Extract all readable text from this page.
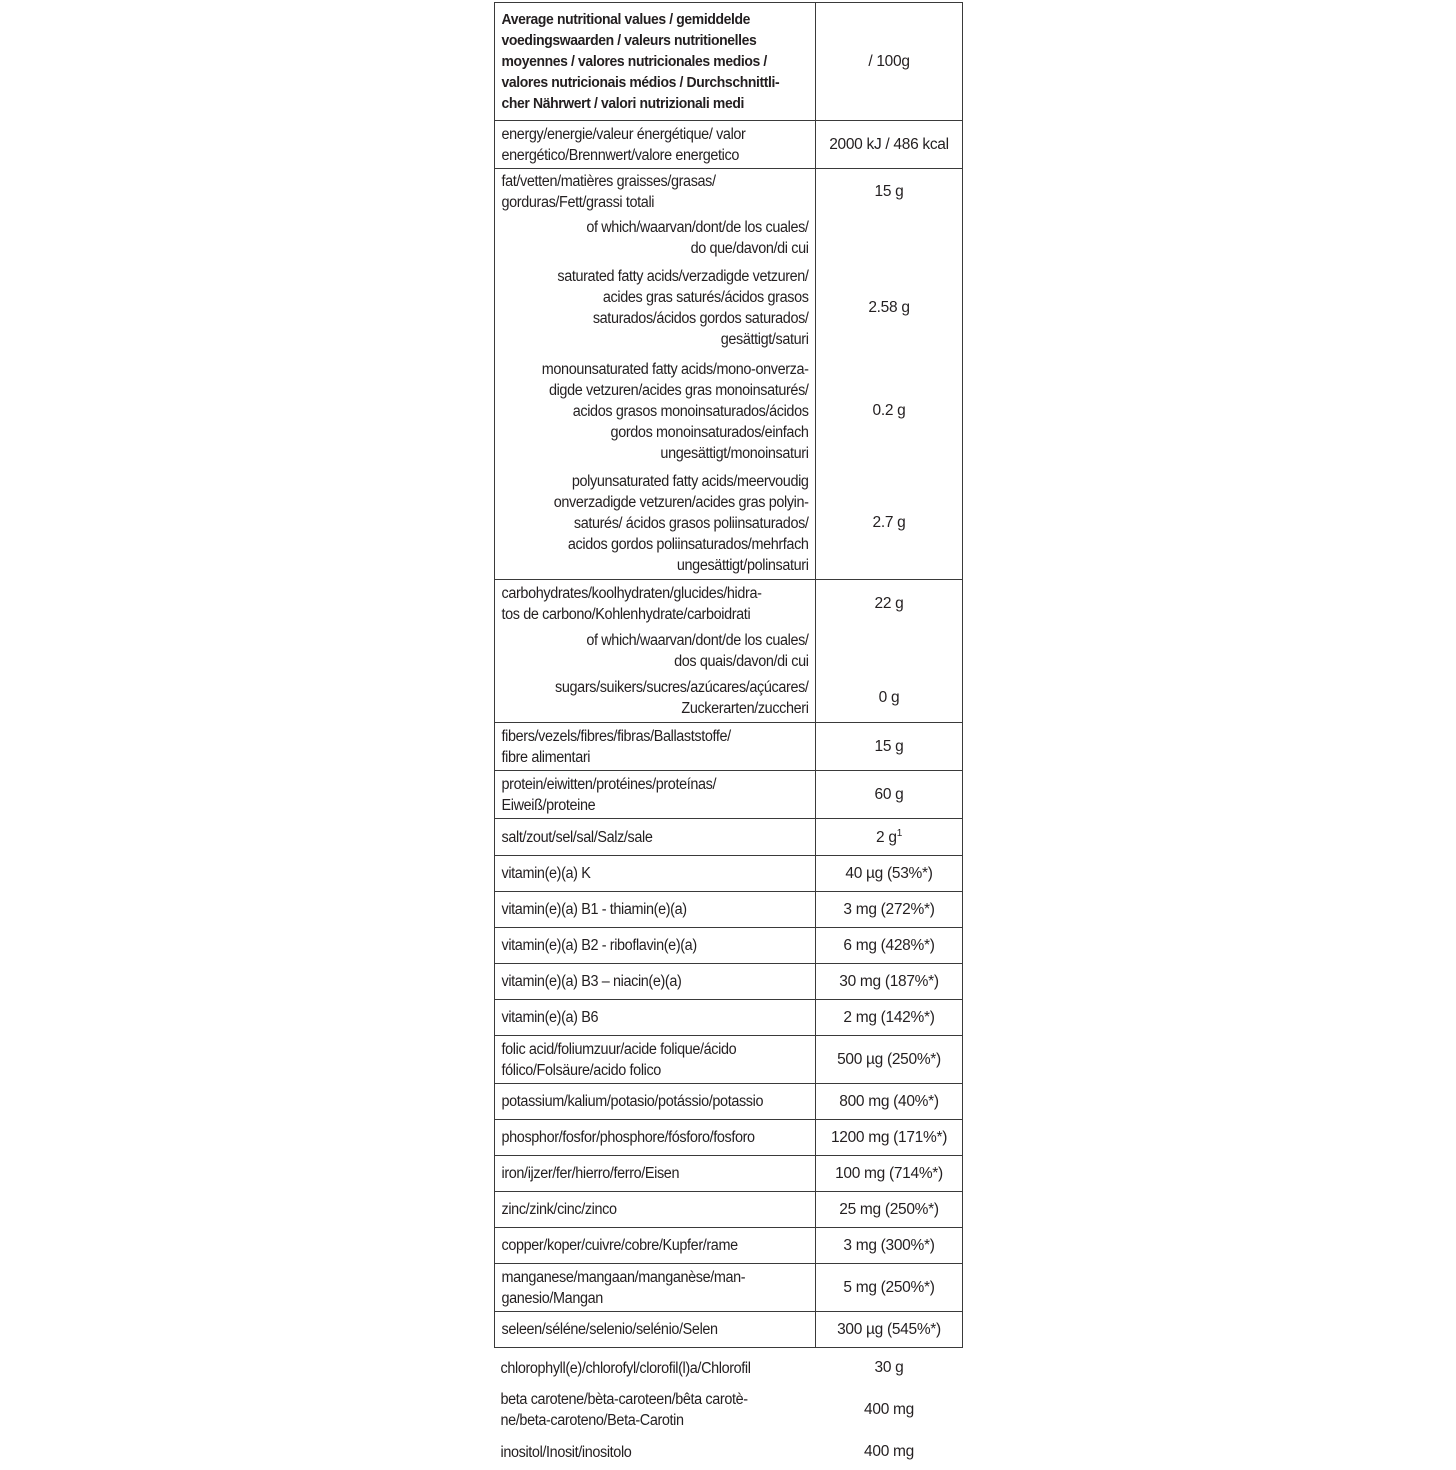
Average nutritional values / gemiddelde
voedingswaarden / valeurs nutritionelles
moyennes / valores nutricionales medios /
valores nutricionais médios / Durchschnittli-
cher Nährwert / valori nutrizionali medi
/ 100g
energy/energie/valeur énergétique/ valor
energético/Brennwert/valore energetico
2000 kJ / 486 kcal
fat/vetten/matières graisses/grasas/
gorduras/Fett/grassi totali
15 g
of which/waarvan/dont/de los cuales/
do que/davon/di cui
saturated fatty acids/verzadigde vetzuren/
acides gras saturés/ácidos grasos
saturados/ácidos gordos saturados/
gesättigt/saturi
2.58 g
monounsaturated fatty acids/mono-onverza-
digde vetzuren/acides gras monoinsaturés/
acidos grasos monoinsaturados/ácidos
gordos monoinsaturados/einfach
ungesättigt/monoinsaturi
0.2 g
polyunsaturated fatty acids/meervoudig
onverzadigde vetzuren/acides gras polyin-
saturés/ ácidos grasos poliinsaturados/
acidos gordos poliinsaturados/mehrfach
ungesättigt/polinsaturi
2.7 g
carbohydrates/koolhydraten/glucides/hidra-
tos de carbono/Kohlenhydrate/carboidrati
22 g
of which/waarvan/dont/de los cuales/
dos quais/davon/di cui
sugars/suikers/sucres/azúcares/açúcares/
Zuckerarten/zuccheri
0 g
fibers/vezels/fibres/fibras/Ballaststoffe/
fibre alimentari
15 g
protein/eiwitten/protéines/proteínas/
Eiweiß/proteine
60 g
salt/zout/sel/sal/Salz/sale	2 $g^1$
vitamin(e)(a) K	40 µg (53%*)
vitamin(e)(a) B1 - thiamin(e)(a)	3 mg (272%*)
vitamin(e)(a) B2 - riboflavin(e)(a)	6 mg (428%*)
vitamin(e)(a) B3 – niacin(e)(a)	30 mg (187%*)
vitamin(e)(a) B6	2 mg (142%*)
folic acid/foliumzuur/acide folique/ácido
fólico/Folsäure/acido folico
500 µg (250%*)
potassium/kalium/potasio/potássio/potassio	800 mg (40%*)
phosphor/fosfor/phosphore/fósforo/fosforo	1200 mg (171%*)
iron/ijzer/fer/hierro/ferro/Eisen	100 mg (714%*)
zinc/zink/cinc/zinco	25 mg (250%*)
copper/koper/cuivre/cobre/Kupfer/rame	3 mg (300%*)
manganese/mangaan/manganèse/man-
ganesio/Mangan
5 mg (250%*)
seleen/séléne/selenio/selénio/Selen	300 µg (545%*)
chlorophyll(e)/chlorofyl/clorofil(l)a/Chlorofil	30 g
beta carotene/bèta-caroteen/bêta carotè-
ne/beta-caroteno/Beta-Carotin
400 mg
inositol/Inosit/inositolo	400 mg
